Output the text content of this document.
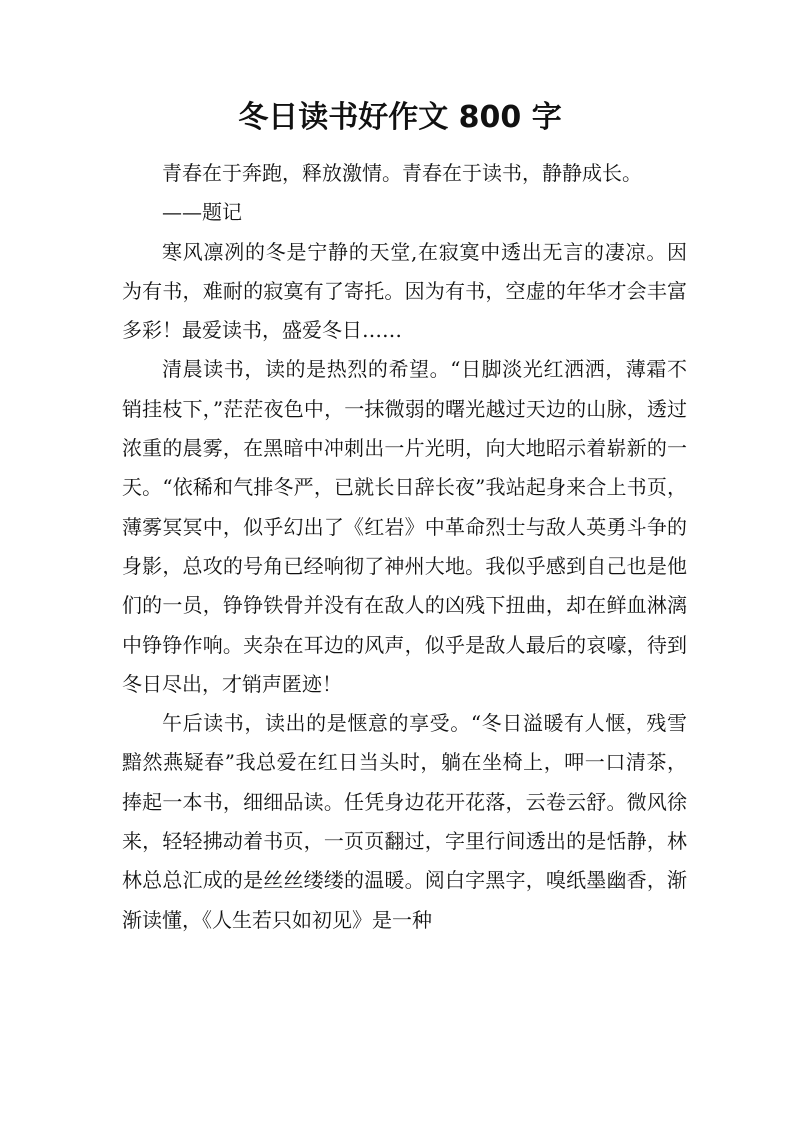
冬日读书好作文 800 字

青春在于奔跑，释放激情。青春在于读书，静静成长。

——题记

寒风凛冽的冬是宁静的天堂,在寂寞中透出无言的凄凉。因为有书，难耐的寂寞有了寄托。因为有书，空虚的年华才会丰富多彩！最爱读书，盛爱冬日……

清晨读书，读的是热烈的希望。“日脚淡光红洒洒，薄霜不销挂枝下，”茫茫夜色中，一抹微弱的曙光越过天边的山脉，透过浓重的晨雾，在黑暗中冲刺出一片光明，向大地昭示着崭新的一天。“依稀和气排冬严，已就长日辞长夜”我站起身来合上书页，薄雾冥冥中，似乎幻出了《红岩》中革命烈士与敌人英勇斗争的身影，总攻的号角已经响彻了神州大地。我似乎感到自己也是他们的一员，铮铮铁骨并没有在敌人的凶残下扭曲，却在鲜血淋漓中铮铮作响。夹杂在耳边的风声，似乎是敌人最后的哀嚎，待到冬日尽出，才销声匿迹！

午后读书，读出的是惬意的享受。“冬日溢暖有人惬，残雪黯然燕疑春”我总爱在红日当头时，躺在坐椅上，呷一口清茶，捧起一本书，细细品读。任凭身边花开花落，云卷云舒。微风徐来，轻轻拂动着书页，一页页翻过，字里行间透出的是恬静，林林总总汇成的是丝丝缕缕的温暖。阅白字黑字，嗅纸墨幽香，渐渐读懂，《人生若只如初见》是一种
